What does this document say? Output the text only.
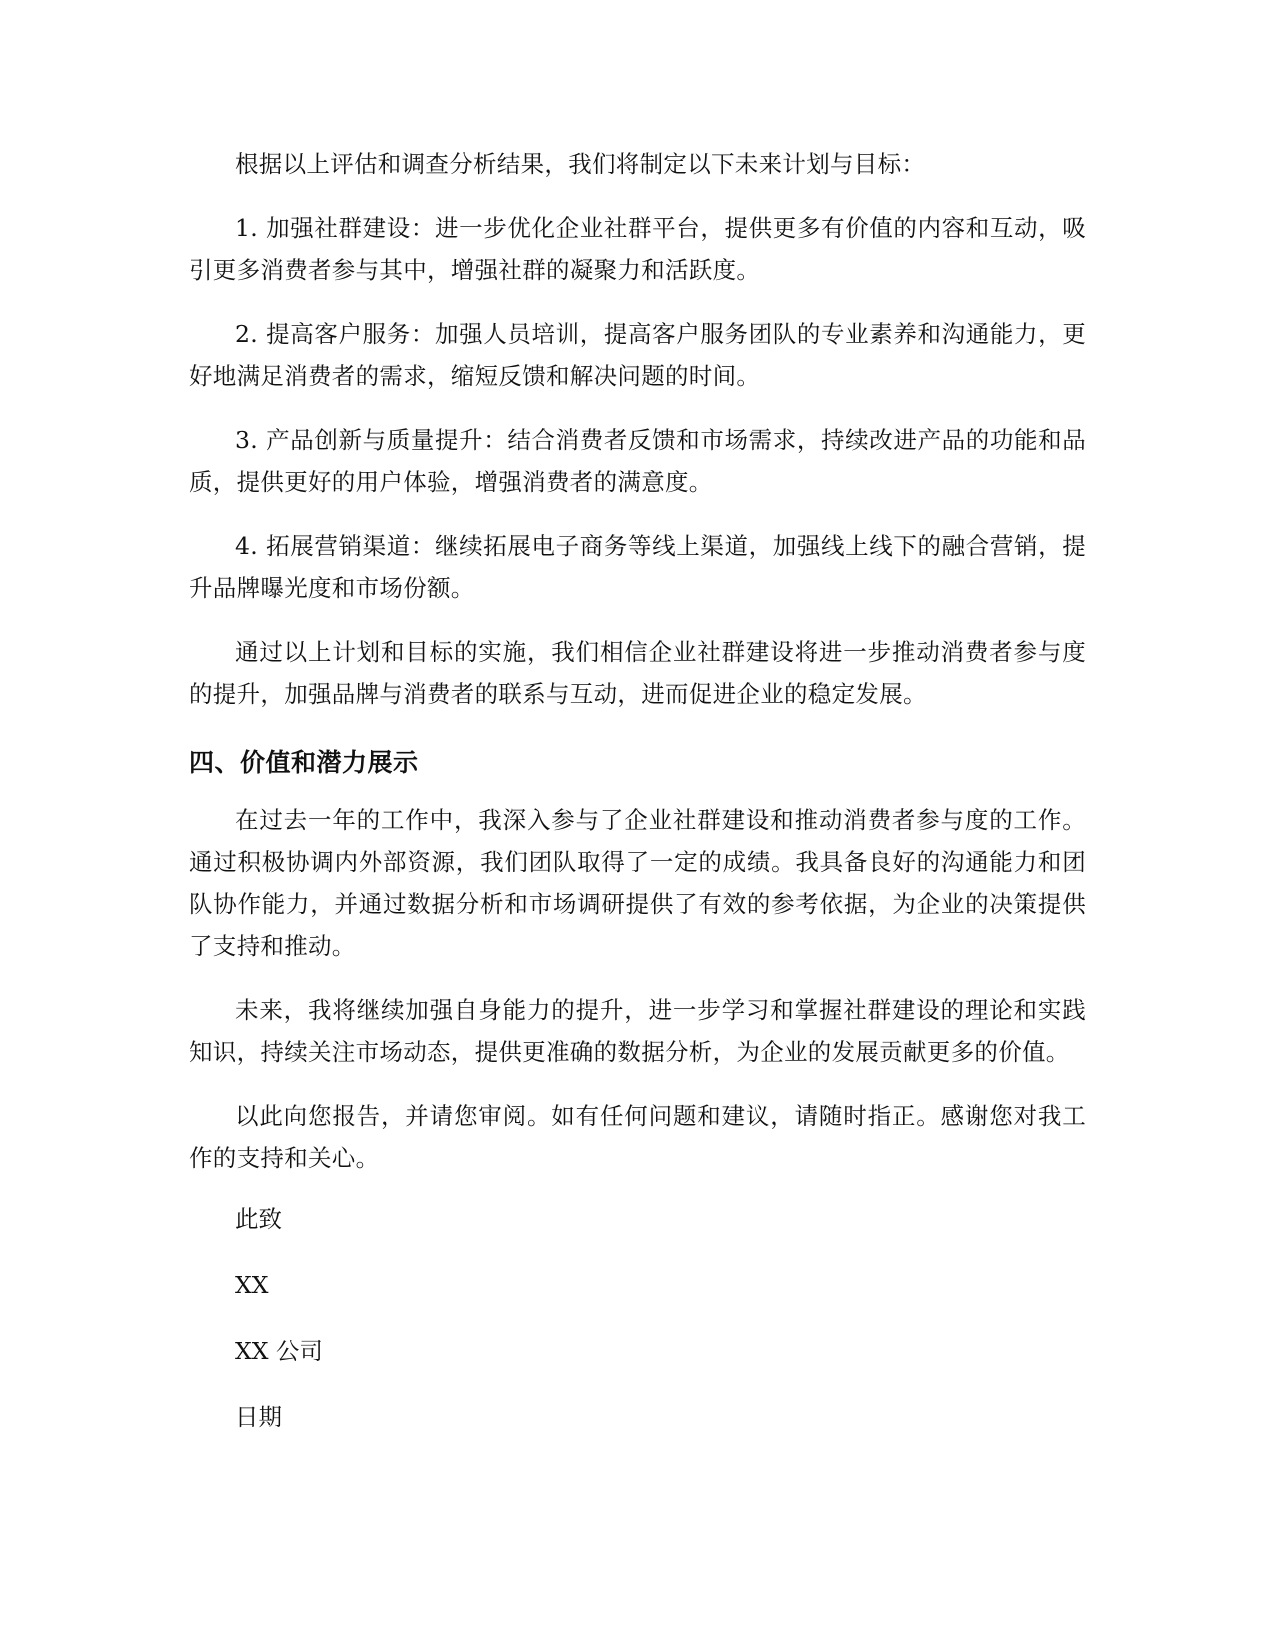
根据以上评估和调查分析结果，我们将制定以下未来计划与目标：

1. 加强社群建设：进一步优化企业社群平台，提供更多有价值的内容和互动，吸引更多消费者参与其中，增强社群的凝聚力和活跃度。

2. 提高客户服务：加强人员培训，提高客户服务团队的专业素养和沟通能力，更好地满足消费者的需求，缩短反馈和解决问题的时间。

3. 产品创新与质量提升：结合消费者反馈和市场需求，持续改进产品的功能和品质，提供更好的用户体验，增强消费者的满意度。

4. 拓展营销渠道：继续拓展电子商务等线上渠道，加强线上线下的融合营销，提升品牌曝光度和市场份额。

通过以上计划和目标的实施，我们相信企业社群建设将进一步推动消费者参与度的提升，加强品牌与消费者的联系与互动，进而促进企业的稳定发展。

四、价值和潜力展示

在过去一年的工作中，我深入参与了企业社群建设和推动消费者参与度的工作。通过积极协调内外部资源，我们团队取得了一定的成绩。我具备良好的沟通能力和团队协作能力，并通过数据分析和市场调研提供了有效的参考依据，为企业的决策提供了支持和推动。

未来，我将继续加强自身能力的提升，进一步学习和掌握社群建设的理论和实践知识，持续关注市场动态，提供更准确的数据分析，为企业的发展贡献更多的价值。

以此向您报告，并请您审阅。如有任何问题和建议，请随时指正。感谢您对我工作的支持和关心。

此致

XX

XX 公司

日期
